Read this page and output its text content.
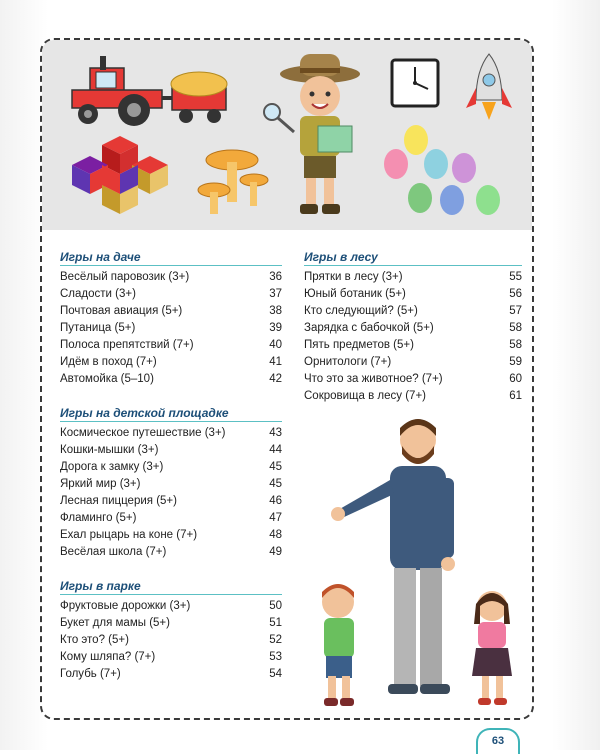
Игры на даче
Весёлый паровозик (3+)	36
Сладости (3+)	37
Почтовая авиация (5+)	38
Путаница (5+)	39
Полоса препятствий (7+)	40
Идём в поход (7+)	41
Автомойка (5–10)	42
Игры на детской площадке
Космическое путешествие (3+)	43
Кошки-мышки (3+)	44
Дорога к замку (3+)	45
Яркий мир (3+)	45
Лесная пиццерия (5+)	46
Фламинго (5+)	47
Ехал рыцарь на коне (7+)	48
Весёлая школа (7+)	49
Игры в парке
Фруктовые дорожки (3+)	50
Букет для мамы (5+)	51
Кто это? (5+)	52
Кому шляпа? (7+)	53
Голубь (7+)	54
Игры в лесу
Прятки в лесу (3+)	55
Юный ботаник (5+)	56
Кто следующий? (5+)	57
Зарядка с бабочкой (5+)	58
Пять предметов (5+)	58
Орнитологи (7+)	59
Что это за животное? (7+)	60
Сокровища в лесу (7+)	61
63
